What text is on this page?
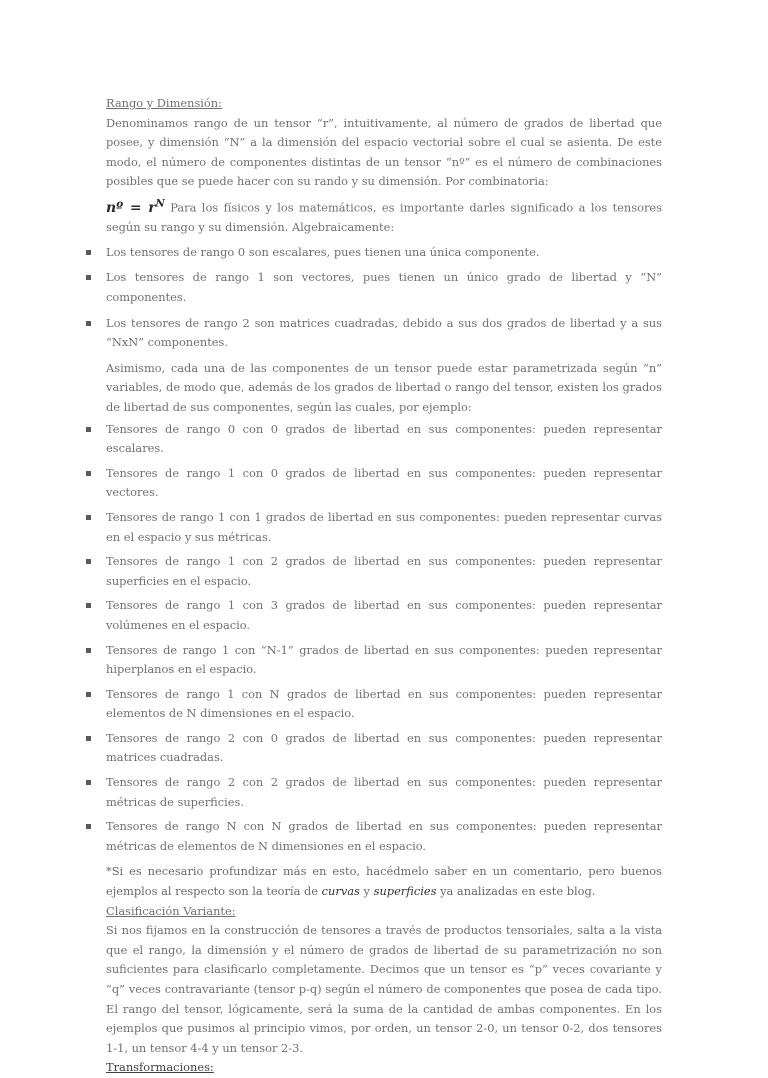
Rango y Dimensión:

Denominamos rango de un tensor “r”, intuitivamente, al número de grados de libertad que posee, y dimensión “N” a la dimensión del espacio vectorial sobre el cual se asienta. De este modo, el número de componentes distintas de un tensor “nº” es el número de combinaciones posibles que se puede hacer con su rando y su dimensión. Por combinatoria:

nº = $r^N$ Para los físicos y los matemáticos, es importante darles significado a los tensores según su rango y su dimensión. Algebraicamente:

Los tensores de rango 0 son escalares, pues tienen una única componente.
Los tensores de rango 1 son vectores, pues tienen un único grado de libertad y “N” componentes.
Los tensores de rango 2 son matrices cuadradas, debido a sus dos grados de libertad y a sus “NxN” componentes.

Asimismo, cada una de las componentes de un tensor puede estar parametrizada según “n” variables, de modo que, además de los grados de libertad o rango del tensor, existen los grados de libertad de sus componentes, según las cuales, por ejemplo:

Tensores de rango 0 con 0 grados de libertad en sus componentes: pueden representar escalares.
Tensores de rango 1 con 0 grados de libertad en sus componentes: pueden representar vectores.
Tensores de rango 1 con 1 grados de libertad en sus componentes: pueden representar curvas en el espacio y sus métricas.
Tensores de rango 1 con 2 grados de libertad en sus componentes: pueden representar superficies en el espacio.
Tensores de rango 1 con 3 grados de libertad en sus componentes: pueden representar volúmenes en el espacio.
Tensores de rango 1 con “N-1” grados de libertad en sus componentes: pueden representar hiperplanos en el espacio.
Tensores de rango 1 con N grados de libertad en sus componentes: pueden representar elementos de N dimensiones en el espacio.
Tensores de rango 2 con 0 grados de libertad en sus componentes: pueden representar matrices cuadradas.
Tensores de rango 2 con 2 grados de libertad en sus componentes: pueden representar métricas de superficies.
Tensores de rango N con N grados de libertad en sus componentes: pueden representar métricas de elementos de N dimensiones en el espacio.

*Si es necesario profundizar más en esto, hacédmelo saber en un comentario, pero buenos ejemplos al respecto son la teoría de curvas y superficies ya analizadas en este blog.

Clasificación Variante:

Si nos fijamos en la construcción de tensores a través de productos tensoriales, salta a la vista que el rango, la dimensión y el número de grados de libertad de su parametrización no son suficientes para clasificarlo completamente. Decimos que un tensor es “p” veces covariante y “q” veces contravariante (tensor p-q) según el número de componentes que posea de cada tipo. El rango del tensor, lógicamente, será la suma de la cantidad de ambas componentes. En los ejemplos que pusimos al principio vimos, por orden, un tensor 2-0, un tensor 0-2, dos tensores 1-1, un tensor 4-4 y un tensor 2-3.

Transformaciones:
